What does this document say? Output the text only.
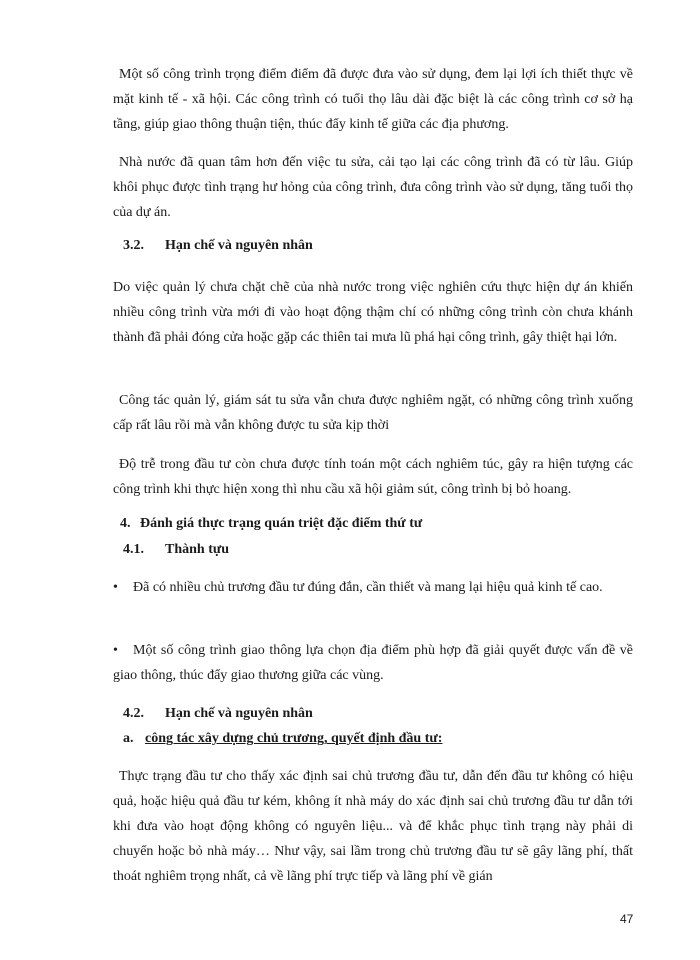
Một số công trình trọng điểm điểm đã được đưa vào sử dụng, đem lại lợi ích thiết thực về mặt kinh tế - xã hội. Các công trình có tuổi thọ lâu dài đặc biệt là các công trình cơ sở hạ tầng, giúp giao thông thuận tiện, thúc đẩy kinh tế giữa các địa phương.

Nhà nước đã quan tâm hơn đến việc tu sửa, cải tạo lại các công trình đã có từ lâu. Giúp khôi phục được tình trạng hư hỏng của công trình, đưa công trình vào sử dụng, tăng tuổi thọ của dự án.

3.2. Hạn chế và nguyên nhân

Do việc quản lý chưa chặt chẽ của nhà nước trong việc nghiên cứu thực hiện dự án khiến nhiều công trình vừa mới đi vào hoạt động thậm chí có những công trình còn chưa khánh thành đã phải đóng cửa hoặc gặp các thiên tai mưa lũ phá hại công trình, gây thiệt hại lớn.

Công tác quản lý, giám sát tu sửa vẫn chưa được nghiêm ngặt, có những công trình xuống cấp rất lâu rồi mà vẫn không được tu sửa kịp thời

Độ trễ trong đầu tư còn chưa được tính toán một cách nghiêm túc, gây ra hiện tượng các công trình khi thực hiện xong thì nhu cầu xã hội giảm sút, công trình bị bỏ hoang.

4. Đánh giá thực trạng quán triệt đặc điểm thứ tư
4.1. Thành tựu

• Đã có nhiều chủ trương đầu tư đúng đắn, cần thiết và mang lại hiệu quả kinh tế cao.

• Một số công trình giao thông lựa chọn địa điểm phù hợp đã giải quyết được vấn đề về giao thông, thúc đẩy giao thương giữa các vùng.

4.2. Hạn chế và nguyên nhân
a. công tác xây dựng chủ trương, quyết định đầu tư:

Thực trạng đầu tư cho thấy xác định sai chủ trương đầu tư, dẫn đến đầu tư không có hiệu quả, hoặc hiệu quả đầu tư kém, không ít nhà máy do xác định sai chủ trương đầu tư dẫn tới khi đưa vào hoạt động không có nguyên liệu... và để khắc phục tình trạng này phải di chuyển hoặc bỏ nhà máy… Như vậy, sai lầm trong chủ trương đầu tư sẽ gây lãng phí, thất thoát nghiêm trọng nhất, cả về lãng phí trực tiếp và lãng phí về gián

47
